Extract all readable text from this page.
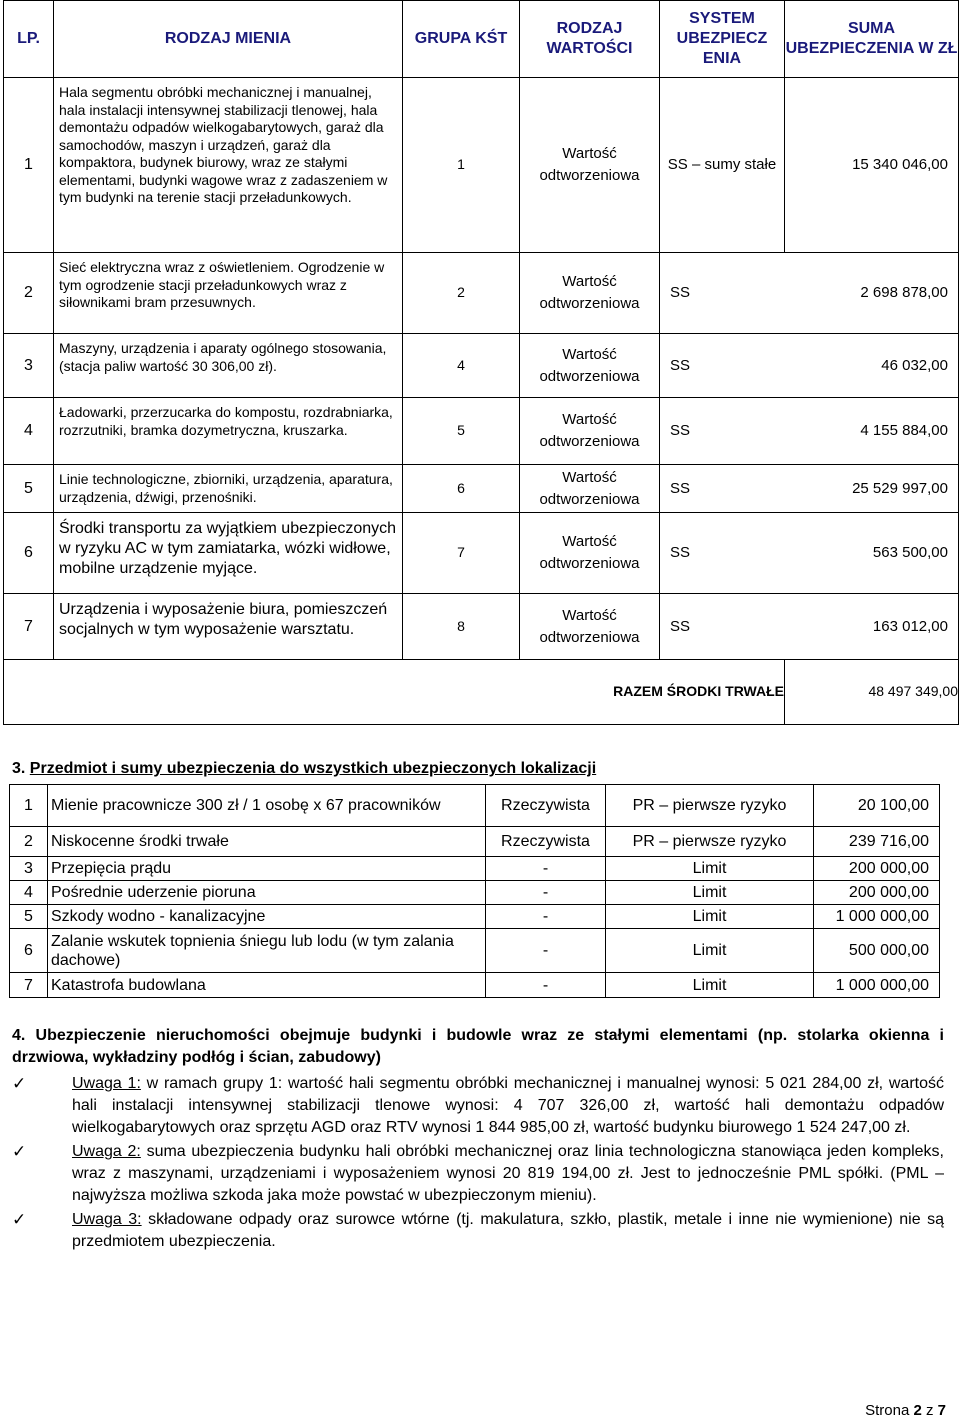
LP.	RODZAJ MIENIA	GRUPA KŚT	RODZAJ WARTOŚCI	SYSTEM UBEZPIECZ ENIA	SUMA UBEZPIECZENIA W ZŁ
1	Hala segmentu obróbki mechanicznej i manualnej, hala instalacji intensywnej stabilizacji tlenowej, hala demontażu odpadów wielkogabarytowych, garaż dla samochodów, maszyn i urządzeń, garaż dla kompaktora, budynek biurowy, wraz ze stałymi elementami, budynki wagowe wraz z zadaszeniem w tym budynki na terenie stacji przeładunkowych.	1	Wartość odtworzeniowa	SS – sumy stałe	15 340 046,00
2	Sieć elektryczna wraz z oświetleniem. Ogrodzenie w tym ogrodzenie stacji przeładunkowych wraz z siłownikami bram przesuwnych.	2	Wartość odtworzeniowa	SS 2 698 878,00	
3	Maszyny, urządzenia i aparaty ogólnego stosowania, (stacja paliw wartość 30 306,00 zł).	4	Wartość odtworzeniowa	SS 46 032,00	
4	Ładowarki, przerzucarka do kompostu, rozdrabniarka, rozrzutniki, bramka dozymetryczna, kruszarka.	5	Wartość odtworzeniowa	SS 4 155 884,00	
5	Linie technologiczne, zbiorniki, urządzenia, aparatura, urządzenia, dźwigi, przenośniki.	6	Wartość odtworzeniowa	SS 25 529 997,00	
6	Środki transportu za wyjątkiem ubezpieczonych w ryzyku AC w tym zamiatarka, wózki widłowe, mobilne urządzenie myjące.	7	Wartość odtworzeniowa	SS 563 500,00	
7	Urządzenia i wyposażenie biura, pomieszczeń socjalnych w tym wyposażenie warsztatu.	8	Wartość odtworzeniowa	SS 163 012,00	
RAZEM ŚRODKI TRWAŁE					48 497 349,00
3. Przedmiot i sumy ubezpieczenia do wszystkich ubezpieczonych lokalizacji
1	Mienie pracownicze 300 zł / 1 osobę x 67 pracowników	Rzeczywista	PR – pierwsze ryzyko	20 100,00
2	Niskocenne środki trwałe	Rzeczywista	PR – pierwsze ryzyko	239 716,00
3	Przepięcia prądu	-	Limit	200 000,00
4	Pośrednie uderzenie pioruna	-	Limit	200 000,00
5	Szkody wodno - kanalizacyjne	-	Limit	1 000 000,00
6	Zalanie wskutek topnienia śniegu lub lodu (w tym zalania dachowe)	-	Limit	500 000,00
7	Katastrofa budowlana	-	Limit	1 000 000,00

4. Ubezpieczenie nieruchomości obejmuje budynki i budowle wraz ze stałymi elementami (np. stolarka okienna i drzwiowa, wykładziny podłóg i ścian, zabudowy)

✓	Uwaga 1: w ramach grupy 1: wartość hali segmentu obróbki mechanicznej i manualnej wynosi: 5 021 284,00 zł, wartość hali instalacji intensywnej stabilizacji tlenowe wynosi: 4 707 326,00 zł, wartość hali demontażu odpadów wielkogabarytowych oraz sprzętu AGD oraz RTV wynosi 1 844 985,00 zł, wartość budynku biurowego 1 524 247,00 zł.
✓	Uwaga 2: suma ubezpieczenia budynku hali obróbki mechanicznej oraz linia technologiczna stanowiąca jeden kompleks, wraz z maszynami, urządzeniami i wyposażeniem wynosi 20 819 194,00 zł. Jest to jednocześnie PML spółki. (PML – najwyższa możliwa szkoda jaka może powstać w ubezpieczonym mieniu).
✓	Uwaga 3: składowane odpady oraz surowce wtórne (tj. makulatura, szkło, plastik, metale i inne nie wymienione) nie są przedmiotem ubezpieczenia.
Strona 2 z 7
